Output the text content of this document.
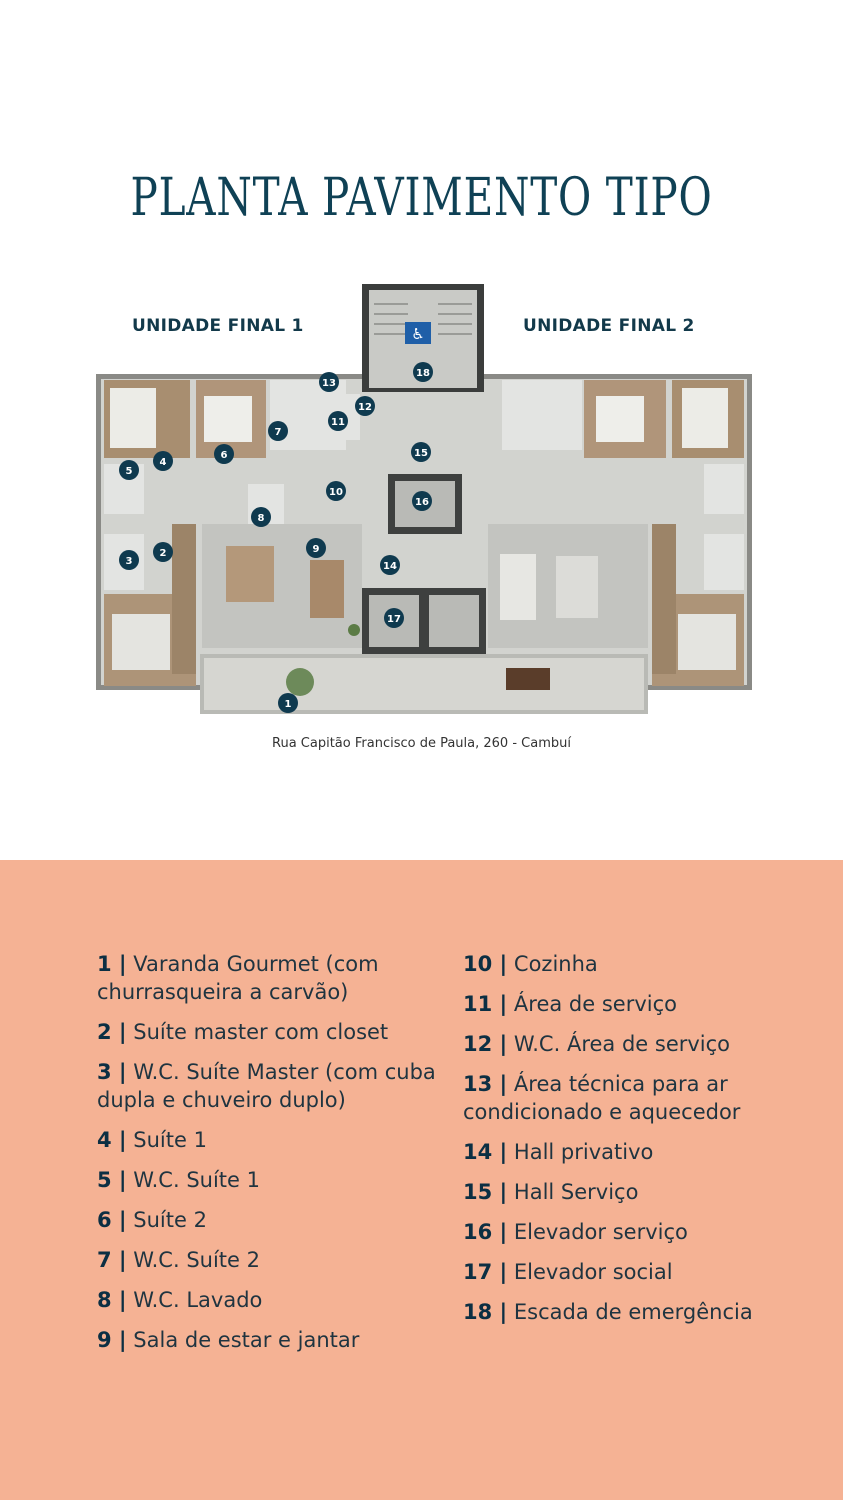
PLANTA PAVIMENTO TIPO
UNIDADE FINAL 1	UNIDADE FINAL 2
♿
1
2
3
4
5
6
7
8
9
10
11
12
13
14
15
16
17
18
Rua Capitão Francisco de Paula, 260 - Cambuí
1 | Varanda Gourmet (com churrasqueira a carvão)
2 | Suíte master com closet
3 | W.C. Suíte Master (com cuba dupla e chuveiro duplo)
4 | Suíte 1
5 | W.C. Suíte 1
6 | Suíte 2
7 | W.C. Suíte 2
8 | W.C. Lavado
9 | Sala de estar e jantar
10 | Cozinha
11 | Área de serviço
12 | W.C. Área de serviço
13 | Área técnica para ar condicionado e aquecedor
14 | Hall privativo
15 | Hall Serviço
16 | Elevador serviço
17 | Elevador social
18 | Escada de emergência
